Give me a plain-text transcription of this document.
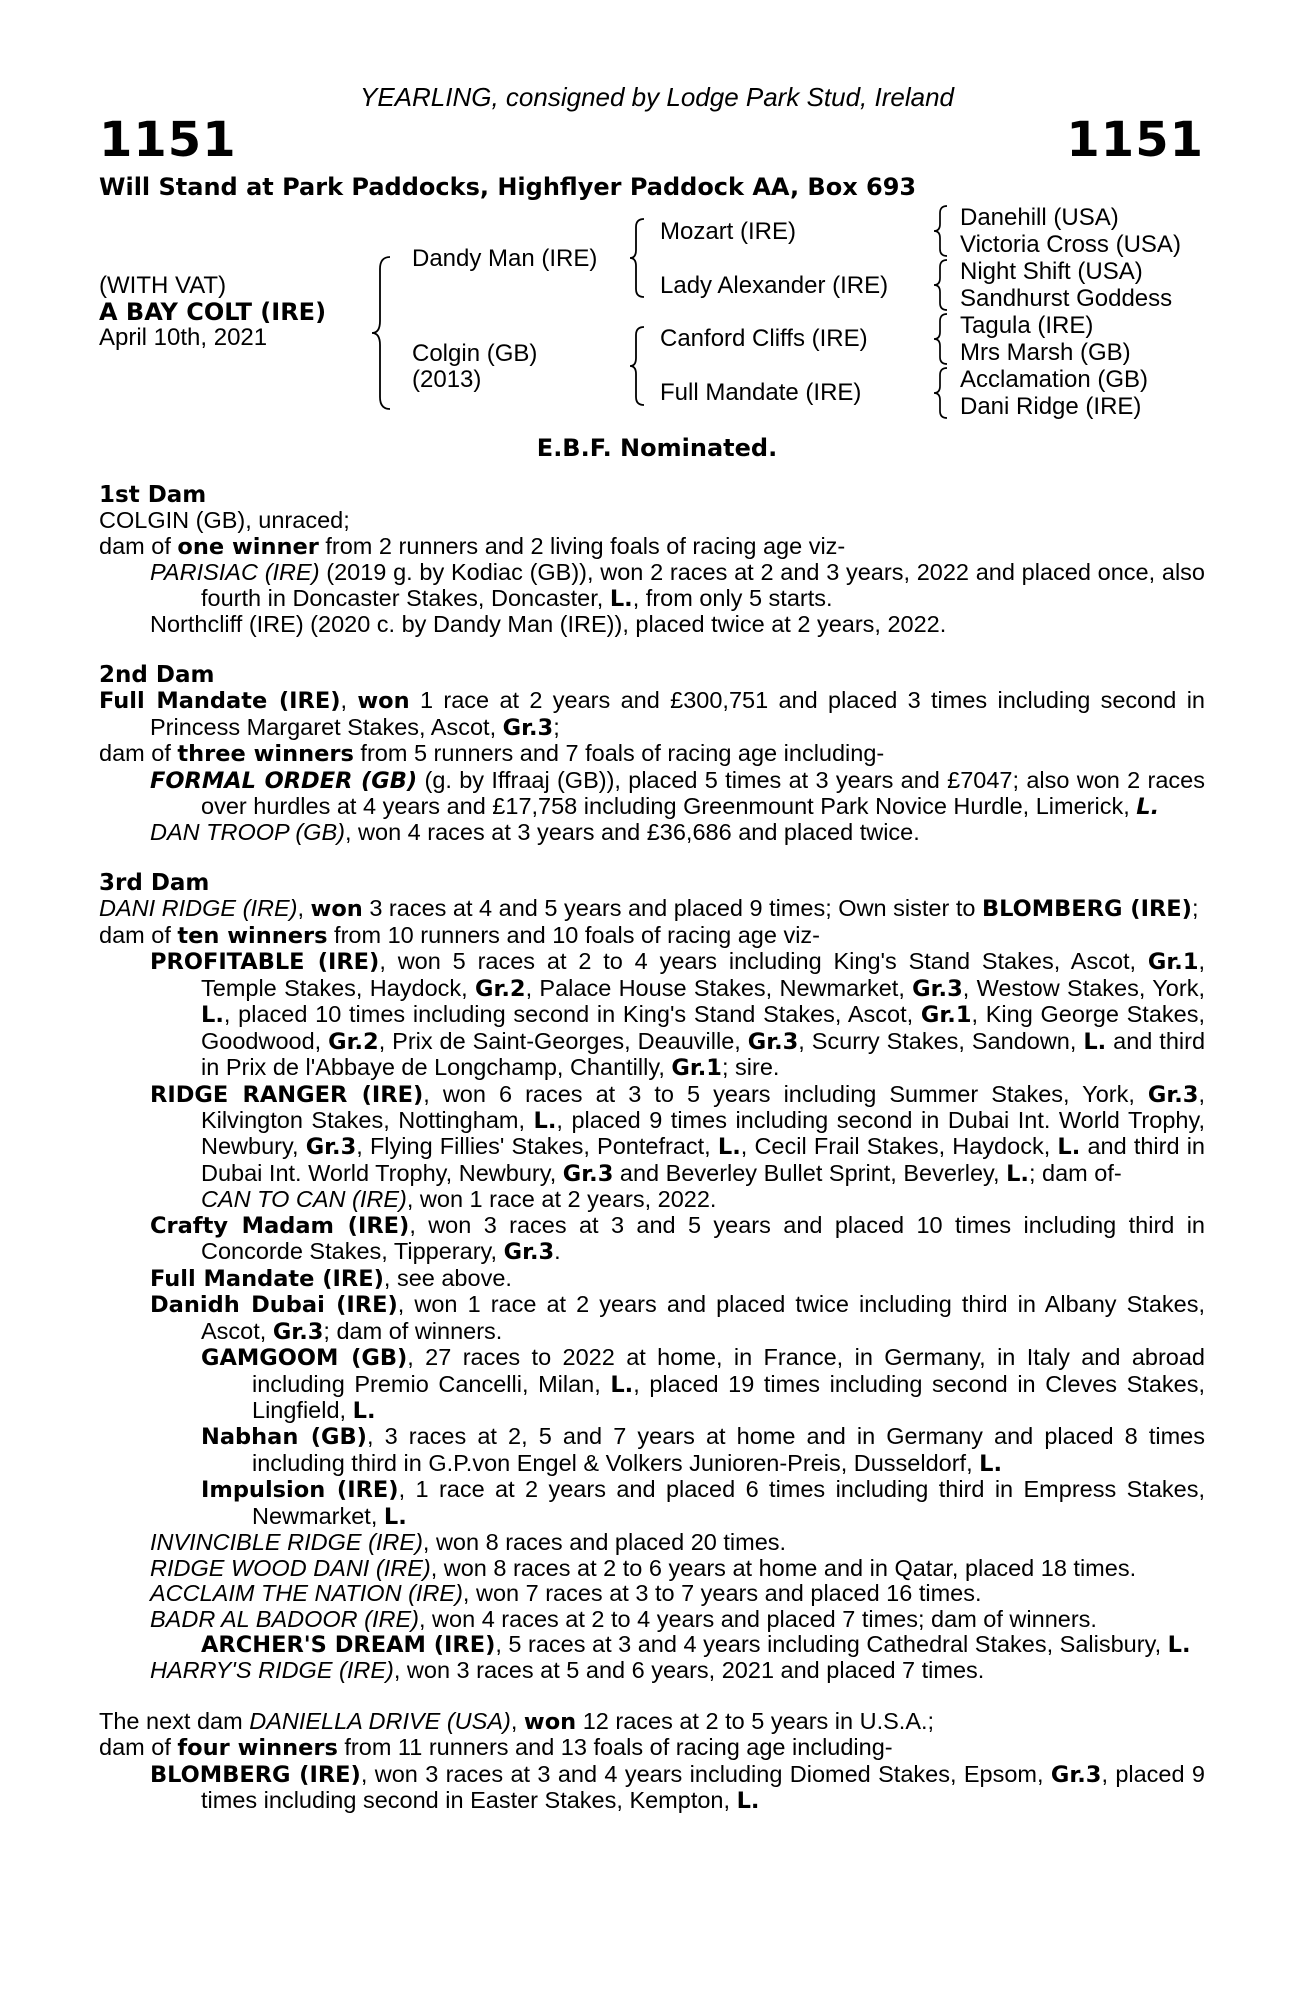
YEARLING, consigned by Lodge Park Stud, Ireland
1151	1151
Will Stand at Park Paddocks, Highflyer Paddock AA, Box 693
(WITH VAT)
A BAY COLT (IRE)
April 10th, 2021
Dandy Man (IRE)
Colgin (GB)
(2013)
Mozart (IRE)
Lady Alexander (IRE)
Canford Cliffs (IRE)
Full Mandate (IRE)
Danehill (USA)
Victoria Cross (USA)
Night Shift (USA)
Sandhurst Goddess
Tagula (IRE)
Mrs Marsh (GB)
Acclamation (GB)
Dani Ridge (IRE)
E.B.F. Nominated.
1st Dam

COLGIN (GB), unraced;

dam of one winner from 2 runners and 2 living foals of racing age viz-

PARISIAC (IRE) (2019 g. by Kodiac (GB)), won 2 races at 2 and 3 years, 2022 and placed once, also fourth in Doncaster Stakes, Doncaster, L., from only 5 starts.

Northcliff (IRE) (2020 c. by Dandy Man (IRE)), placed twice at 2 years, 2022.

2nd Dam

Full Mandate (IRE), won 1 race at 2 years and £300,751 and placed 3 times including second in Princess Margaret Stakes, Ascot, Gr.3;

dam of three winners from 5 runners and 7 foals of racing age including-

FORMAL ORDER (GB) (g. by Iffraaj (GB)), placed 5 times at 3 years and £7047; also won 2 races over hurdles at 4 years and £17,758 including Greenmount Park Novice Hurdle, Limerick, L.

DAN TROOP (GB), won 4 races at 3 years and £36,686 and placed twice.

3rd Dam

DANI RIDGE (IRE), won 3 races at 4 and 5 years and placed 9 times; Own sister to BLOMBERG (IRE);

dam of ten winners from 10 runners and 10 foals of racing age viz-

PROFITABLE (IRE), won 5 races at 2 to 4 years including King's Stand Stakes, Ascot, Gr.1, Temple Stakes, Haydock, Gr.2, Palace House Stakes, Newmarket, Gr.3, Westow Stakes, York, L., placed 10 times including second in King's Stand Stakes, Ascot, Gr.1, King George Stakes, Goodwood, Gr.2, Prix de Saint-Georges, Deauville, Gr.3, Scurry Stakes, Sandown, L. and third in Prix de l'Abbaye de Longchamp, Chantilly, Gr.1; sire.

RIDGE RANGER (IRE), won 6 races at 3 to 5 years including Summer Stakes, York, Gr.3, Kilvington Stakes, Nottingham, L., placed 9 times including second in Dubai Int. World Trophy, Newbury, Gr.3, Flying Fillies' Stakes, Pontefract, L., Cecil Frail Stakes, Haydock, L. and third in Dubai Int. World Trophy, Newbury, Gr.3 and Beverley Bullet Sprint, Beverley, L.; dam of-

CAN TO CAN (IRE), won 1 race at 2 years, 2022.

Crafty Madam (IRE), won 3 races at 3 and 5 years and placed 10 times including third in Concorde Stakes, Tipperary, Gr.3.

Full Mandate (IRE), see above.

Danidh Dubai (IRE), won 1 race at 2 years and placed twice including third in Albany Stakes, Ascot, Gr.3; dam of winners.

GAMGOOM (GB), 27 races to 2022 at home, in France, in Germany, in Italy and abroad including Premio Cancelli, Milan, L., placed 19 times including second in Cleves Stakes, Lingfield, L.

Nabhan (GB), 3 races at 2, 5 and 7 years at home and in Germany and placed 8 times including third in G.P.von Engel & Volkers Junioren-Preis, Dusseldorf, L.

Impulsion (IRE), 1 race at 2 years and placed 6 times including third in Empress Stakes, Newmarket, L.

INVINCIBLE RIDGE (IRE), won 8 races and placed 20 times.

RIDGE WOOD DANI (IRE), won 8 races at 2 to 6 years at home and in Qatar, placed 18 times.

ACCLAIM THE NATION (IRE), won 7 races at 3 to 7 years and placed 16 times.

BADR AL BADOOR (IRE), won 4 races at 2 to 4 years and placed 7 times; dam of winners.

ARCHER'S DREAM (IRE), 5 races at 3 and 4 years including Cathedral Stakes, Salisbury, L.

HARRY'S RIDGE (IRE), won 3 races at 5 and 6 years, 2021 and placed 7 times.

The next dam DANIELLA DRIVE (USA), won 12 races at 2 to 5 years in U.S.A.;

dam of four winners from 11 runners and 13 foals of racing age including-

BLOMBERG (IRE), won 3 races at 3 and 4 years including Diomed Stakes, Epsom, Gr.3, placed 9 times including second in Easter Stakes, Kempton, L.
